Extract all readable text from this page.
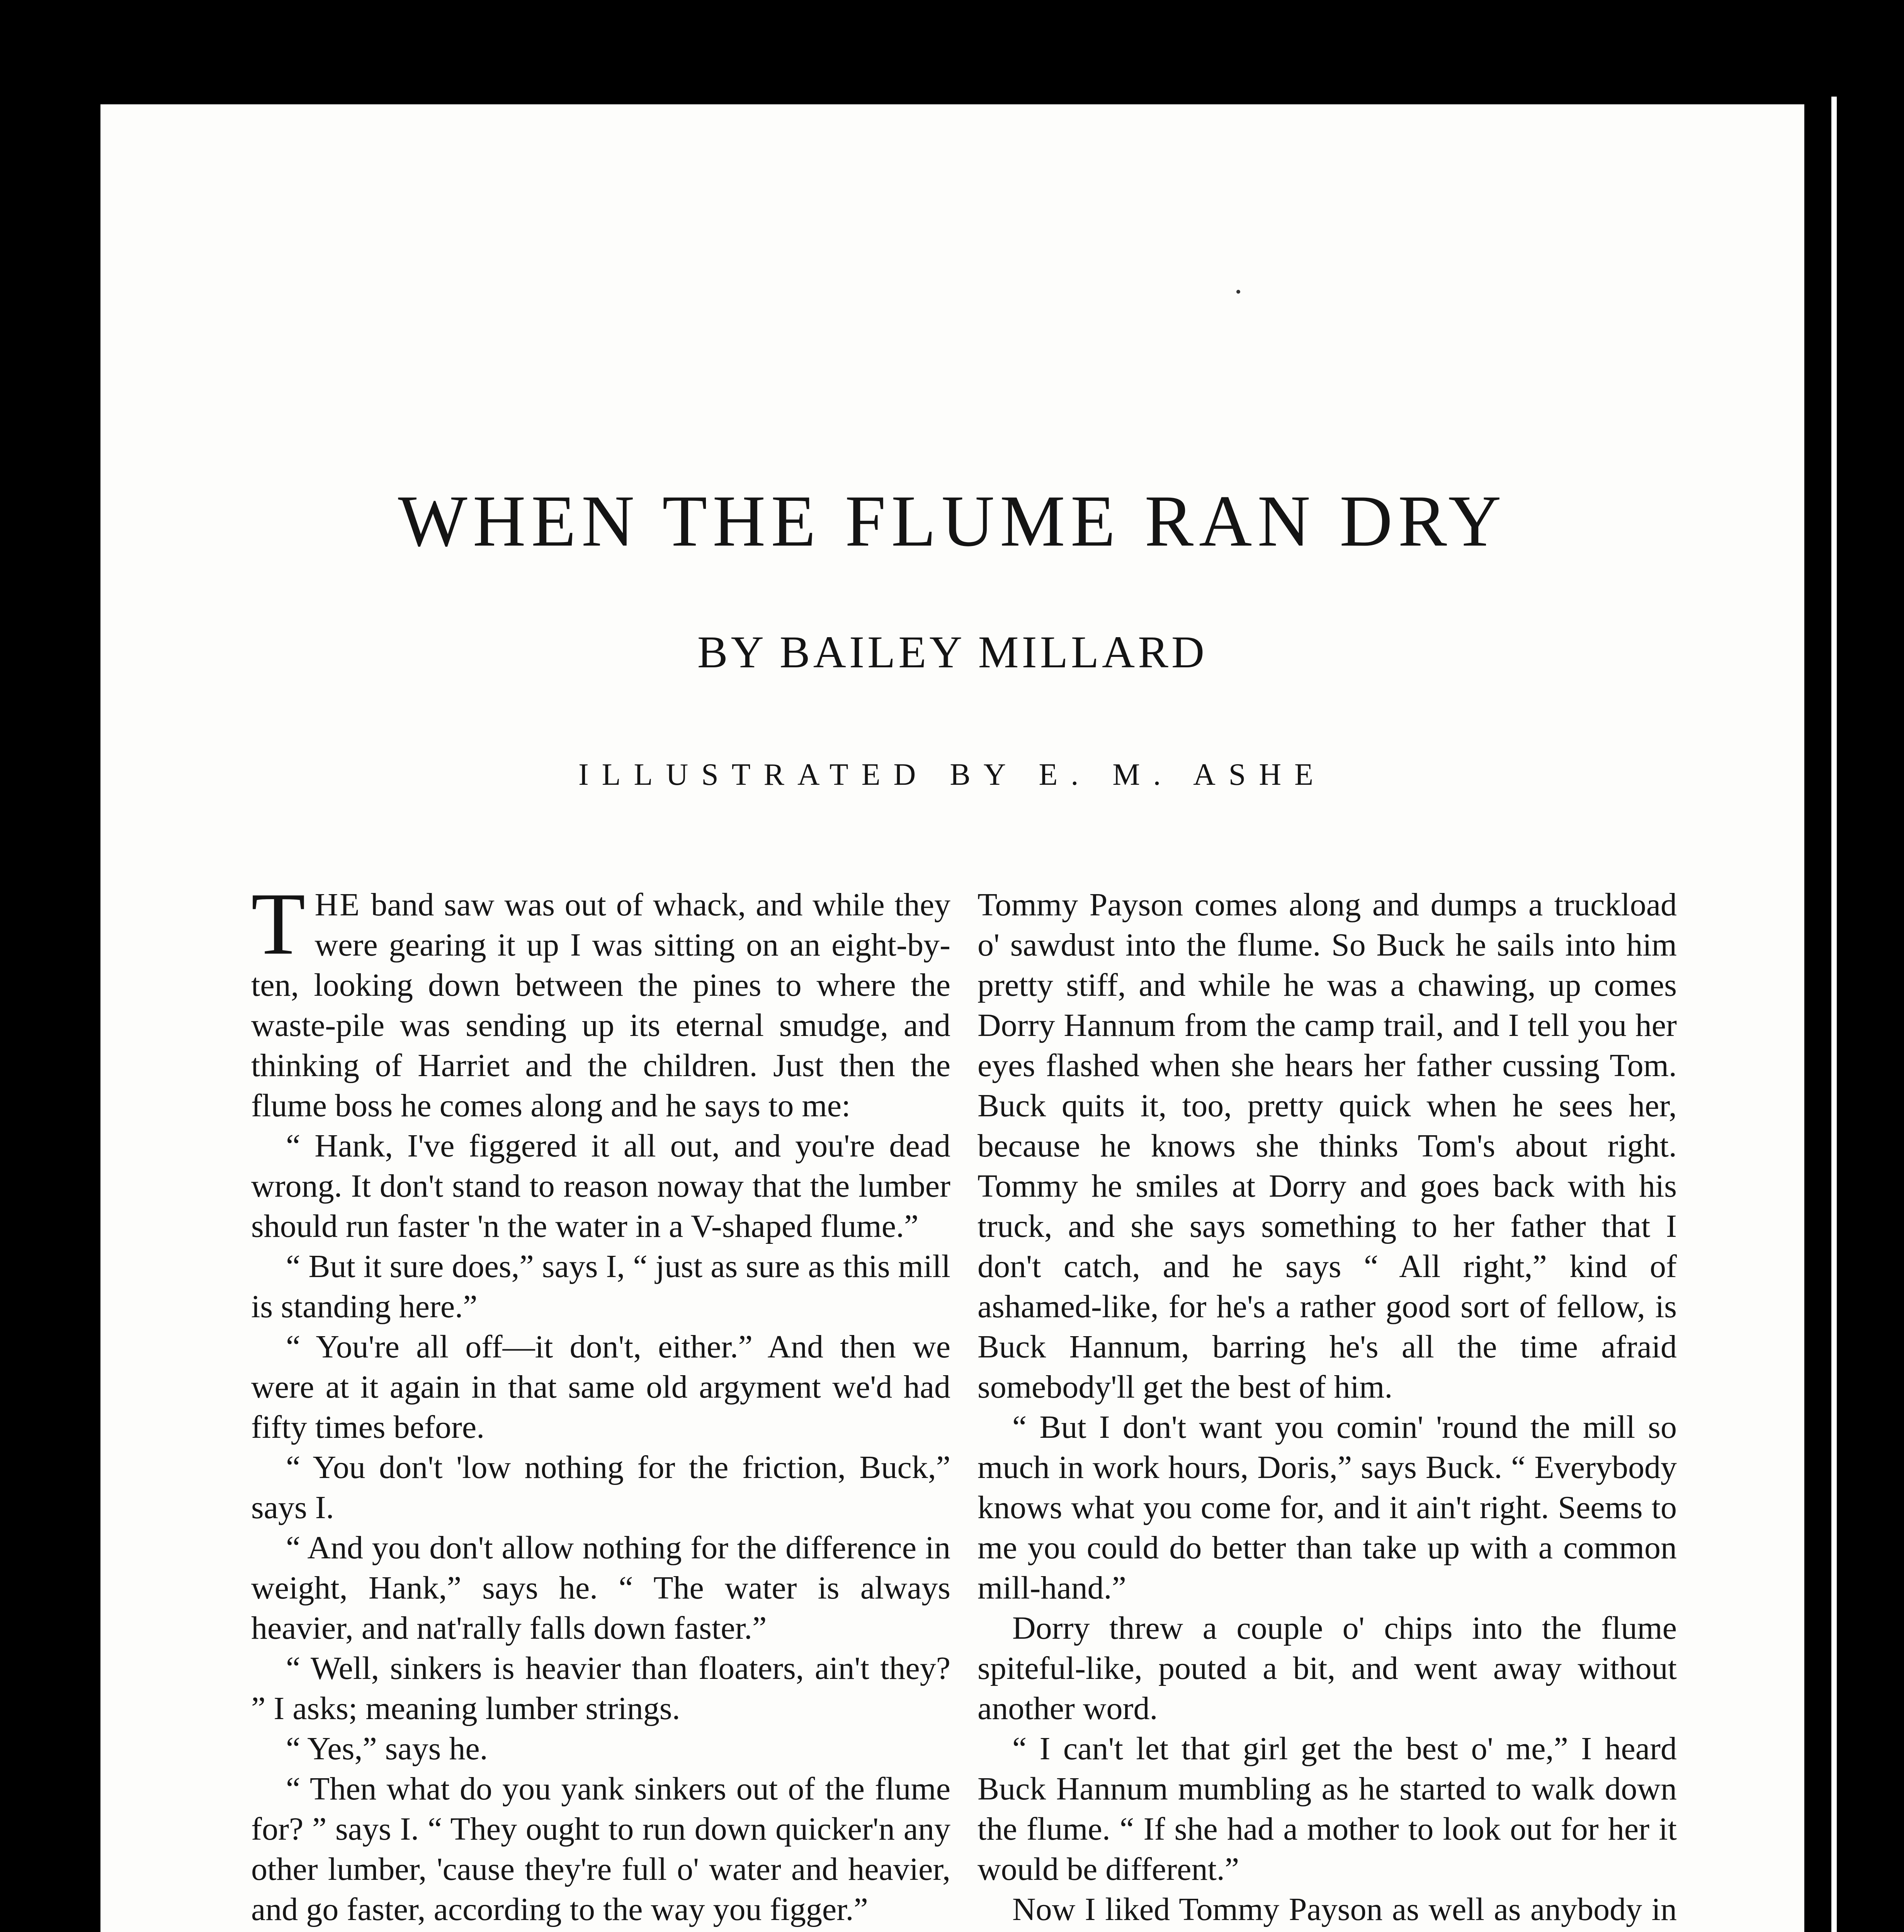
WHEN THE FLUME RAN DRY

BY BAILEY MILLARD

ILLUSTRATED BY E. M. ASHE

THE band saw was out of whack, and while they were gearing it up I was sitting on an eight-by-ten, looking down between the pines to where the waste-pile was sending up its eternal smudge, and thinking of Harriet and the children. Just then the flume boss he comes along and he says to me:

“ Hank, I've figgered it all out, and you're dead wrong. It don't stand to reason noway that the lumber should run faster 'n the water in a V-shaped flume.”

“ But it sure does,” says I, “ just as sure as this mill is standing here.”

“ You're all off—it don't, either.” And then we were at it again in that same old argyment we'd had fifty times before.

“ You don't 'low nothing for the friction, Buck,” says I.

“ And you don't allow nothing for the difference in weight, Hank,” says he. “ The water is always heavier, and nat'rally falls down faster.”

“ Well, sinkers is heavier than floaters, ain't they? ” I asks; meaning lumber strings.

“ Yes,” says he.

“ Then what do you yank sinkers out of the flume for? ” says I. “ They ought to run down quicker'n any other lumber, 'cause they're full o' water and heavier, and go faster, according to the way you figger.”

Tommy Payson comes along and dumps a truckload o' sawdust into the flume. So Buck he sails into him pretty stiff, and while he was a chawing, up comes Dorry Hannum from the camp trail, and I tell you her eyes flashed when she hears her father cussing Tom. Buck quits it, too, pretty quick when he sees her, because he knows she thinks Tom's about right. Tommy he smiles at Dorry and goes back with his truck, and she says something to her father that I don't catch, and he says “ All right,” kind of ashamed-like, for he's a rather good sort of fellow, is Buck Hannum, barring he's all the time afraid somebody'll get the best of him.

“ But I don't want you comin' 'round the mill so much in work hours, Doris,” says Buck. “ Everybody knows what you come for, and it ain't right. Seems to me you could do better than take up with a common mill-hand.”

Dorry threw a couple o' chips into the flume spiteful-like, pouted a bit, and went away without another word.

“ I can't let that girl get the best o' me,” I heard Buck Hannum mumbling as he started to walk down the flume. “ If she had a mother to look out for her it would be different.”

Now I liked Tommy Payson as well as anybody in
